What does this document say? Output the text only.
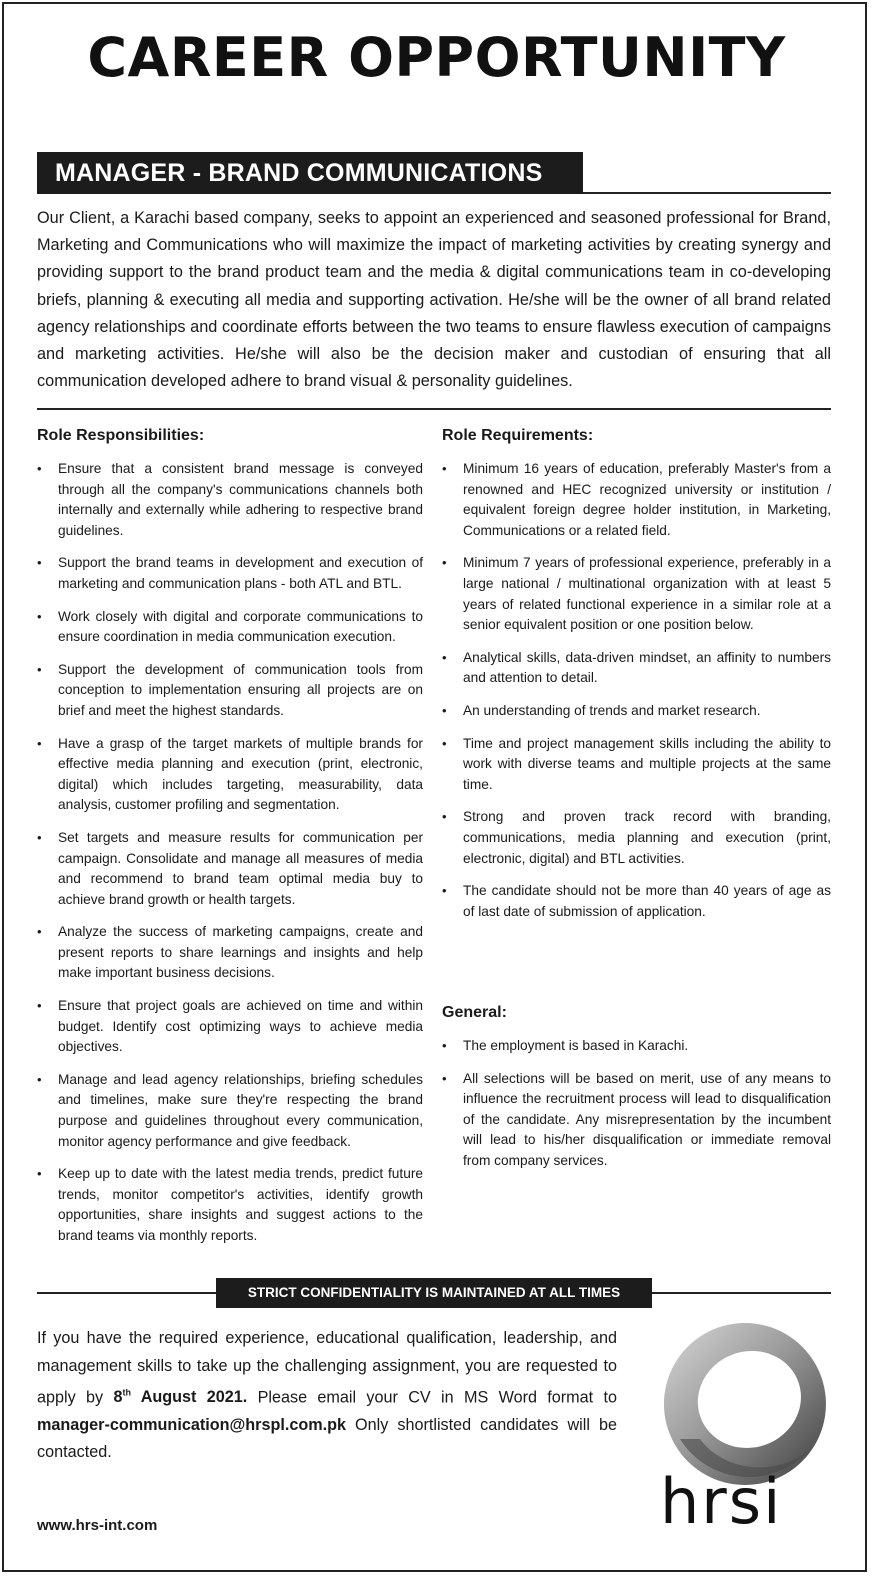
CAREER OPPORTUNITY
MANAGER - BRAND COMMUNICATIONS
Our Client, a Karachi based company, seeks to appoint an experienced and seasoned professional for Brand, Marketing and Communications who will maximize the impact of marketing activities by creating synergy and providing support to the brand product team and the media & digital communications team in co-developing briefs, planning & executing all media and supporting activation. He/she will be the owner of all brand related agency relationships and coordinate efforts between the two teams to ensure flawless execution of campaigns and marketing activities. He/she will also be the decision maker and custodian of ensuring that all communication developed adhere to brand visual & personality guidelines.
Role Responsibilities:
• Ensure that a consistent brand message is conveyed through all the company's communications channels both internally and externally while adhering to respective brand guidelines.
• Support the brand teams in development and execution of marketing and communication plans - both ATL and BTL.
• Work closely with digital and corporate communications to ensure coordination in media communication execution.
• Support the development of communication tools from conception to implementation ensuring all projects are on brief and meet the highest standards.
• Have a grasp of the target markets of multiple brands for effective media planning and execution (print, electronic, digital) which includes targeting, measurability, data analysis, customer profiling and segmentation.
• Set targets and measure results for communication per campaign. Consolidate and manage all measures of media and recommend to brand team optimal media buy to achieve brand growth or health targets.
• Analyze the success of marketing campaigns, create and present reports to share learnings and insights and help make important business decisions.
• Ensure that project goals are achieved on time and within budget. Identify cost optimizing ways to achieve media objectives.
• Manage and lead agency relationships, briefing schedules and timelines, make sure they're respecting the brand purpose and guidelines throughout every communication, monitor agency performance and give feedback.
• Keep up to date with the latest media trends, predict future trends, monitor competitor's activities, identify growth opportunities, share insights and suggest actions to the brand teams via monthly reports.
Role Requirements:
• Minimum 16 years of education, preferably Master's from a renowned and HEC recognized university or institution / equivalent foreign degree holder institution, in Marketing, Communications or a related field.
• Minimum 7 years of professional experience, preferably in a large national / multinational organization with at least 5 years of related functional experience in a similar role at a senior equivalent position or one position below.
• Analytical skills, data-driven mindset, an affinity to numbers and attention to detail.
• An understanding of trends and market research.
• Time and project management skills including the ability to work with diverse teams and multiple projects at the same time.
• Strong and proven track record with branding, communications, media planning and execution (print, electronic, digital) and BTL activities.
• The candidate should not be more than 40 years of age as of last date of submission of application.
General:
• The employment is based in Karachi.
• All selections will be based on merit, use of any means to influence the recruitment process will lead to disqualification of the candidate. Any misrepresentation by the incumbent will lead to his/her disqualification or immediate removal from company services.
STRICT CONFIDENTIALITY IS MAINTAINED AT ALL TIMES
If you have the required experience, educational qualification, leadership, and management skills to take up the challenging assignment, you are requested to apply by 8th August 2021. Please email your CV in MS Word format to manager-communication@hrspl.com.pk Only shortlisted candidates will be contacted.
www.hrs-int.com	hrsi
